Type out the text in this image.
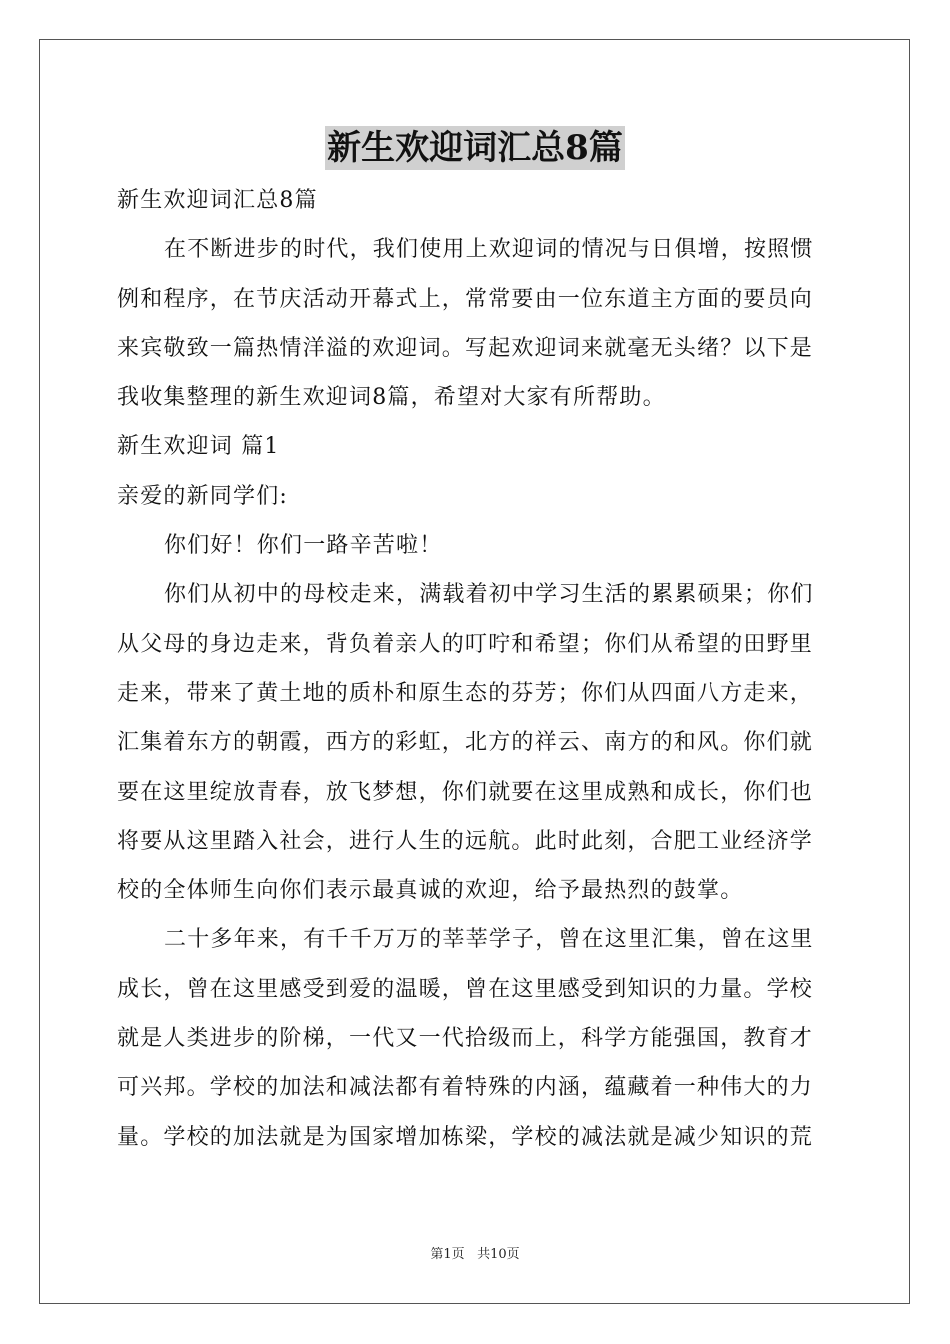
新生欢迎词汇总8篇
新生欢迎词汇总8篇
在不断进步的时代，我们使用上欢迎词的情况与日俱增，按照惯
例和程序，在节庆活动开幕式上，常常要由一位东道主方面的要员向
来宾敬致一篇热情洋溢的欢迎词。写起欢迎词来就毫无头绪？以下是
我收集整理的新生欢迎词8篇，希望对大家有所帮助。
新生欢迎词 篇1
亲爱的新同学们:
你们好！你们一路辛苦啦！
你们从初中的母校走来，满载着初中学习生活的累累硕果；你们
从父母的身边走来，背负着亲人的叮咛和希望；你们从希望的田野里
走来，带来了黄土地的质朴和原生态的芬芳；你们从四面八方走来，
汇集着东方的朝霞，西方的彩虹，北方的祥云、南方的和风。你们就
要在这里绽放青春，放飞梦想，你们就要在这里成熟和成长，你们也
将要从这里踏入社会，进行人生的远航。此时此刻，合肥工业经济学
校的全体师生向你们表示最真诚的欢迎，给予最热烈的鼓掌。
二十多年来，有千千万万的莘莘学子，曾在这里汇集，曾在这里
成长，曾在这里感受到爱的温暖，曾在这里感受到知识的力量。学校
就是人类进步的阶梯，一代又一代拾级而上，科学方能强国，教育才
可兴邦。学校的加法和减法都有着特殊的内涵，蕴藏着一种伟大的力
量。学校的加法就是为国家增加栋梁，学校的减法就是减少知识的荒
第1页 共10页
